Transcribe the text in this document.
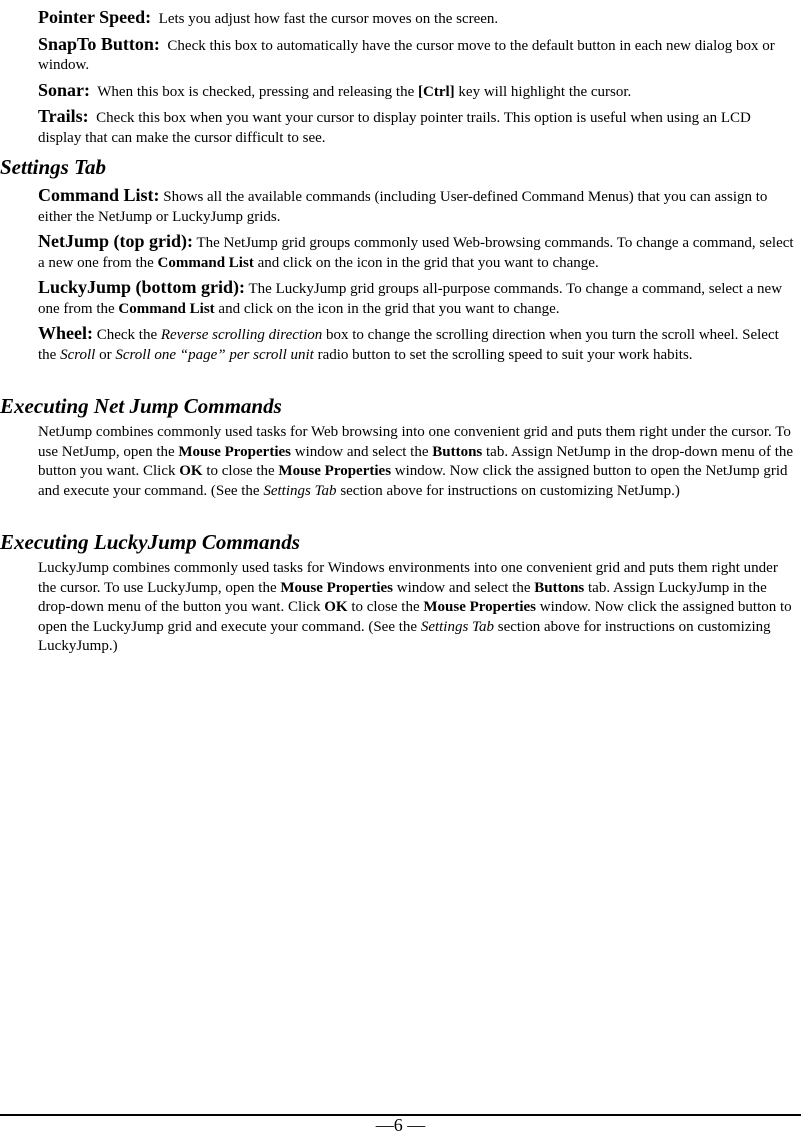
Pointer Speed: Lets you adjust how fast the cursor moves on the screen.

SnapTo Button: Check this box to automatically have the cursor move to the default button in each new dialog box or window.

Sonar: When this box is checked, pressing and releasing the [Ctrl] key will highlight the cursor.

Trails: Check this box when you want your cursor to display pointer trails. This option is useful when using an LCD display that can make the cursor difficult to see.

Settings Tab

Command List: Shows all the available commands (including User-defined Command Menus) that you can assign to either the NetJump or LuckyJump grids.

NetJump (top grid): The NetJump grid groups commonly used Web-browsing commands. To change a command, select a new one from the Command List and click on the icon in the grid that you want to change.

LuckyJump (bottom grid): The LuckyJump grid groups all-purpose commands. To change a command, select a new one from the Command List and click on the icon in the grid that you want to change.

Wheel: Check the Reverse scrolling direction box to change the scrolling direction when you turn the scroll wheel. Select the Scroll or Scroll one “page” per scroll unit radio button to set the scrolling speed to suit your work habits.

Executing Net Jump Commands

NetJump combines commonly used tasks for Web browsing into one convenient grid and puts them right under the cursor. To use NetJump, open the Mouse Properties window and select the Buttons tab. Assign NetJump in the drop-down menu of the button you want. Click OK to close the Mouse Properties window. Now click the assigned button to open the NetJump grid and execute your command. (See the Settings Tab section above for instructions on customizing NetJump.)

Executing LuckyJump Commands

LuckyJump combines commonly used tasks for Windows environments into one convenient grid and puts them right under the cursor. To use LuckyJump, open the Mouse Properties window and select the Buttons tab. Assign LuckyJump in the drop-down menu of the button you want. Click OK to close the Mouse Properties window. Now click the assigned button to open the LuckyJump grid and execute your command. (See the Settings Tab section above for instructions on customizing LuckyJump.)

—6 —
